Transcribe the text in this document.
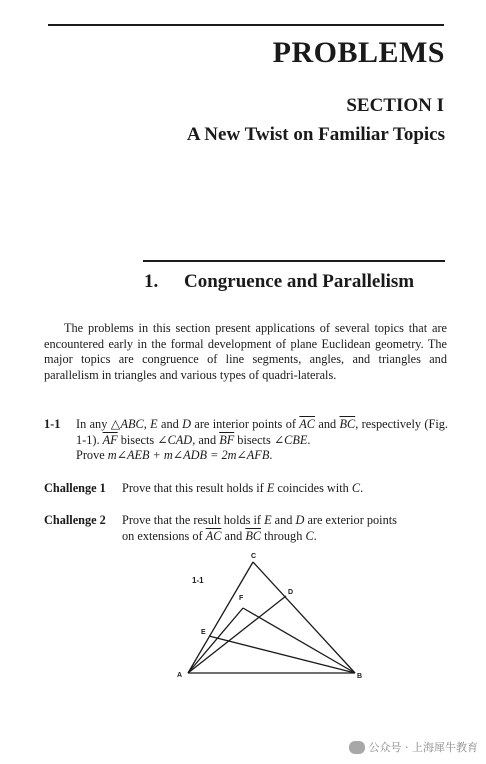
PROBLEMS
SECTION I
A New Twist on Familiar Topics
1. Congruence and Parallelism

The problems in this section present applications of several topics that are encountered early in the formal development of plane Euclidean geometry. The major topics are congruence of line segments, angles, and triangles and parallelism in triangles and various types of quadri-laterals.

1-1	In any △ABC, E and D are interior points of $\overline{AC}$ and $\overline{BC}$, respectively (Fig. 1-1). $\overline{AF}$ bisects ∠CAD, and $\overline{BF}$ bisects ∠CBE.
Prove m∠AEB + m∠ADB = 2m∠AFB.
Challenge 1 Prove that this result holds if E coincides with C.
Challenge 2 Prove that the result holds if E and D are exterior points
on extensions of $\overline{AC}$ and $\overline{BC}$ through C.
1-1
C
D
F
E
A	B
公众号 · 上海犀牛教育
